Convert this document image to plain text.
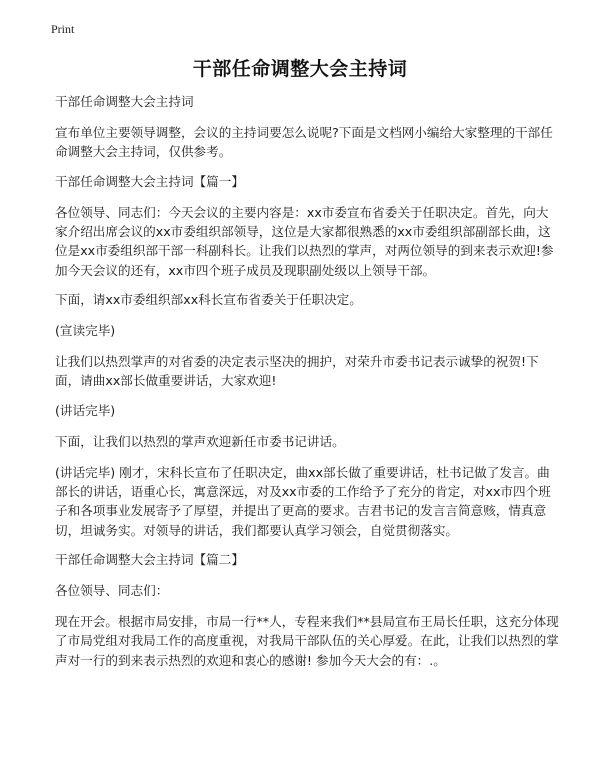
Print
干部任命调整大会主持词

干部任命调整大会主持词

宣布单位主要领导调整，会议的主持词要怎么说呢?下面是文档网小编给大家整理的干部任命调整大会主持词，仅供参考。

干部任命调整大会主持词【篇一】

各位领导、同志们：今天会议的主要内容是：xx市委宣布省委关于任职决定。首先，向大家介绍出席会议的xx市委组织部领导，这位是大家都很熟悉的xx市委组织部副部长曲，这位是xx市委组织部干部一科副科长。让我们以热烈的掌声，对两位领导的到来表示欢迎!参加今天会议的还有，xx市四个班子成员及现职副处级以上领导干部。

下面，请xx市委组织部xx科长宣布省委关于任职决定。

(宣读完毕)

让我们以热烈掌声的对省委的决定表示坚决的拥护，对荣升市委书记表示诚挚的祝贺!下面，请曲xx部长做重要讲话，大家欢迎!

(讲话完毕)

下面，让我们以热烈的掌声欢迎新任市委书记讲话。

(讲话完毕) 刚才，宋科长宣布了任职决定，曲xx部长做了重要讲话，杜书记做了发言。曲部长的讲话，语重心长，寓意深远，对及xx市委的工作给予了充分的肯定，对xx市四个班子和各项事业发展寄予了厚望，并提出了更高的要求。吉君书记的发言言简意赅，情真意切，坦诚务实。对领导的讲话，我们都要认真学习领会，自觉贯彻落实。

干部任命调整大会主持词【篇二】

各位领导、同志们：

现在开会。根据市局安排，市局一行**人，专程来我们**县局宣布王局长任职，这充分体现了市局党组对我局工作的高度重视，对我局干部队伍的关心厚爱。在此，让我们以热烈的掌声对一行的到来表示热烈的欢迎和衷心的感谢! 参加今天大会的有：.。
